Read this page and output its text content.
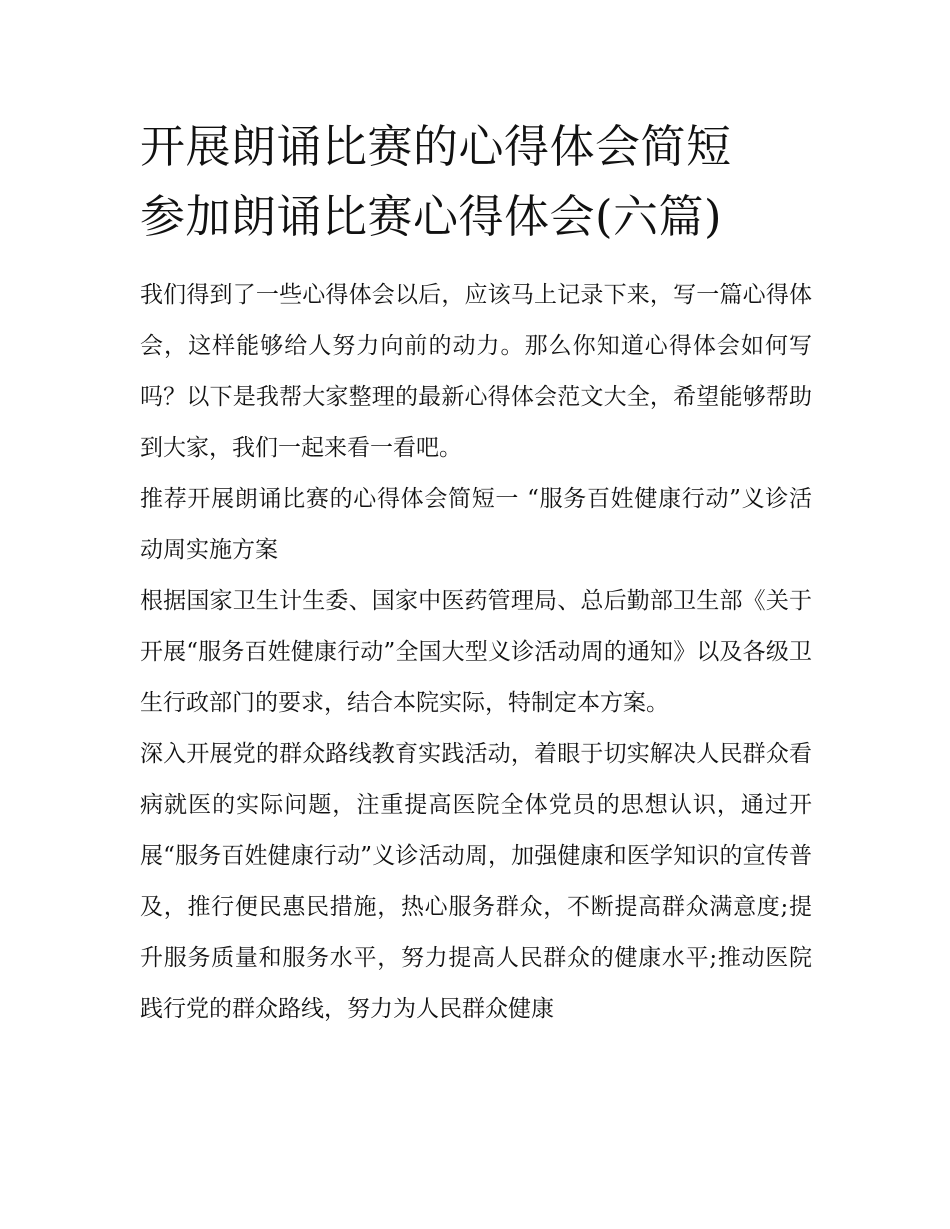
开展朗诵比赛的心得体会简短
参加朗诵比赛心得体会(六篇)

我们得到了一些心得体会以后，应该马上记录下来，写一篇心得体会，这样能够给人努力向前的动力。那么你知道心得体会如何写吗？以下是我帮大家整理的最新心得体会范文大全，希望能够帮助到大家，我们一起来看一看吧。

推荐开展朗诵比赛的心得体会简短一 “服务百姓健康行动”义诊活动周实施方案

根据国家卫生计生委、国家中医药管理局、总后勤部卫生部《关于开展“服务百姓健康行动”全国大型义诊活动周的通知》以及各级卫生行政部门的要求，结合本院实际，特制定本方案。

深入开展党的群众路线教育实践活动，着眼于切实解决人民群众看病就医的实际问题，注重提高医院全体党员的思想认识，通过开展“服务百姓健康行动”义诊活动周，加强健康和医学知识的宣传普及，推行便民惠民措施，热心服务群众，不断提高群众满意度;提升服务质量和服务水平，努力提高人民群众的健康水平;推动医院践行党的群众路线，努力为人民群众健康
